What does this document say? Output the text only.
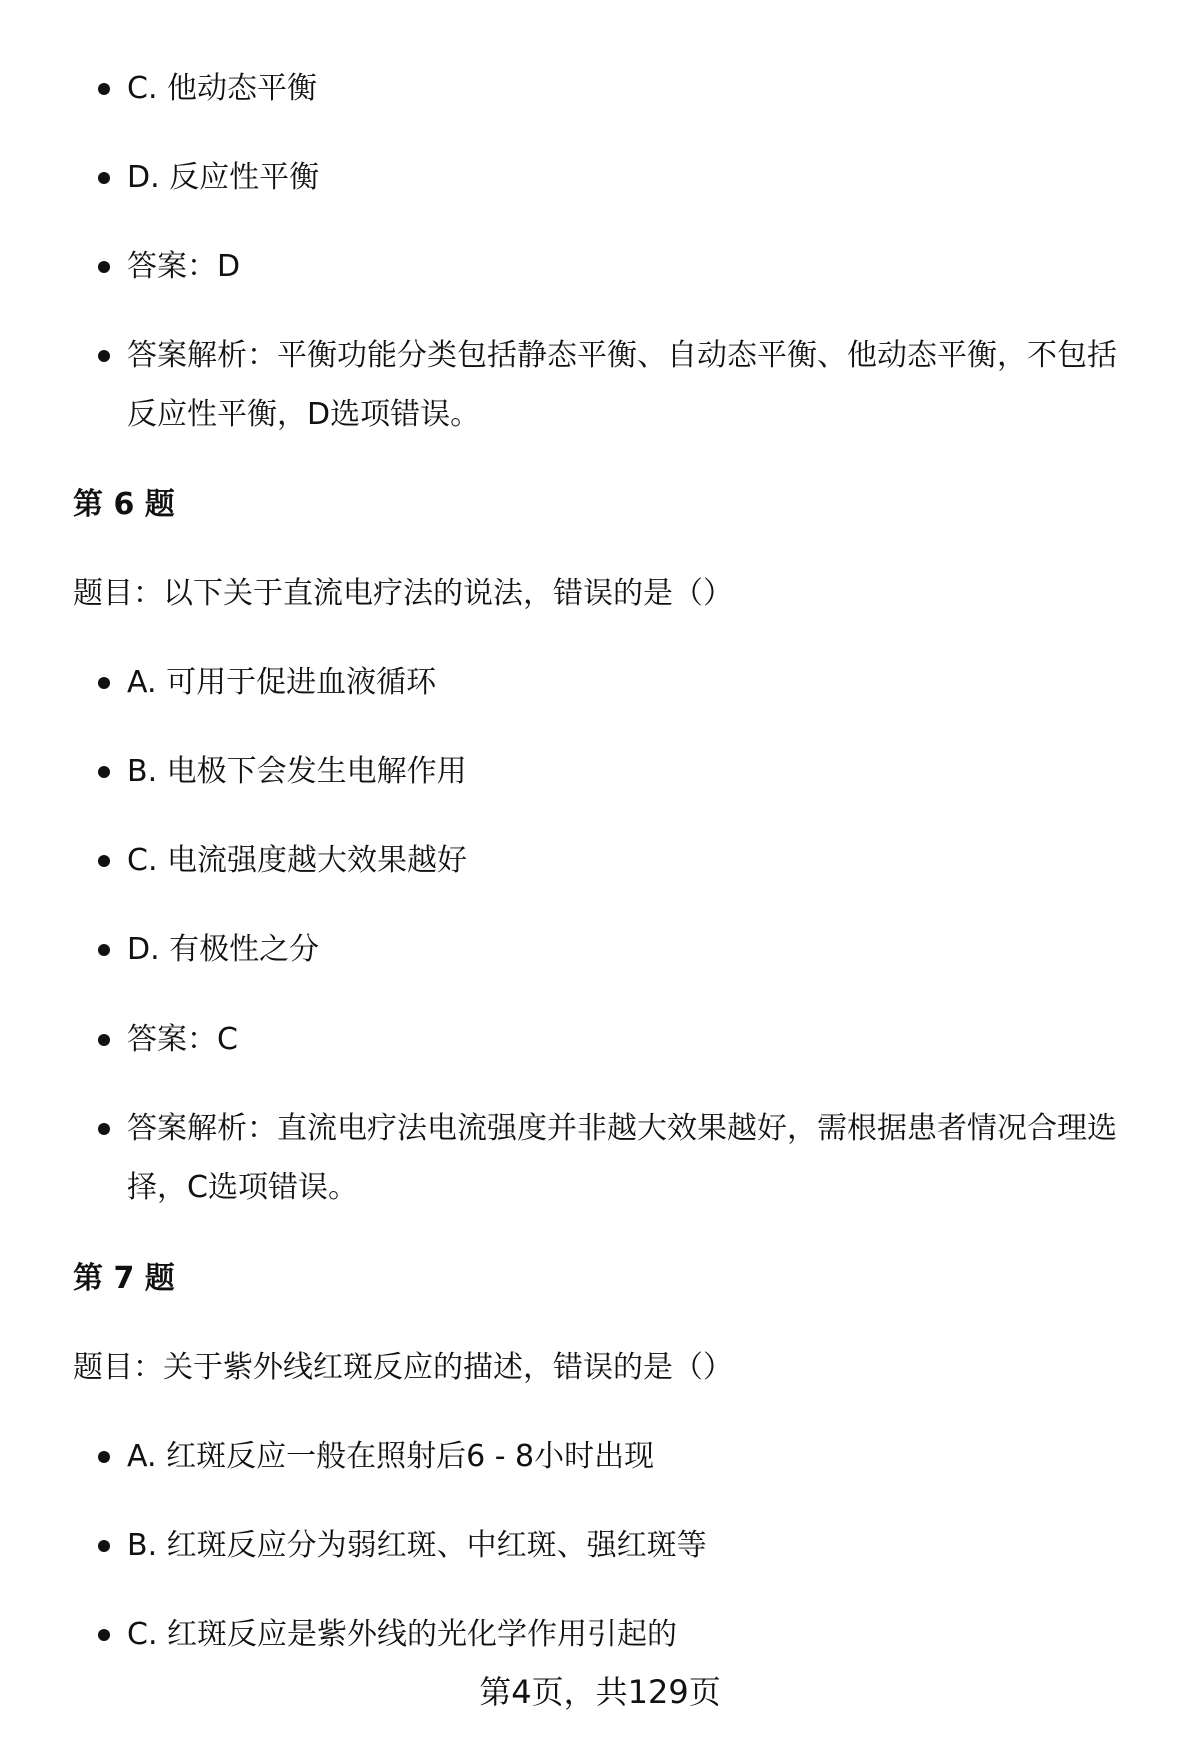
C. 他动态平衡
D. 反应性平衡
答案：D
答案解析：平衡功能分类包括静态平衡、自动态平衡、他动态平衡，不包括反应性平衡，D选项错误。
第 6 题
题目：以下关于直流电疗法的说法，错误的是（）
A. 可用于促进血液循环
B. 电极下会发生电解作用
C. 电流强度越大效果越好
D. 有极性之分
答案：C
答案解析：直流电疗法电流强度并非越大效果越好，需根据患者情况合理选择，C选项错误。
第 7 题
题目：关于紫外线红斑反应的描述，错误的是（）
A. 红斑反应一般在照射后6 - 8小时出现
B. 红斑反应分为弱红斑、中红斑、强红斑等
C. 红斑反应是紫外线的光化学作用引起的
第4页，共129页
